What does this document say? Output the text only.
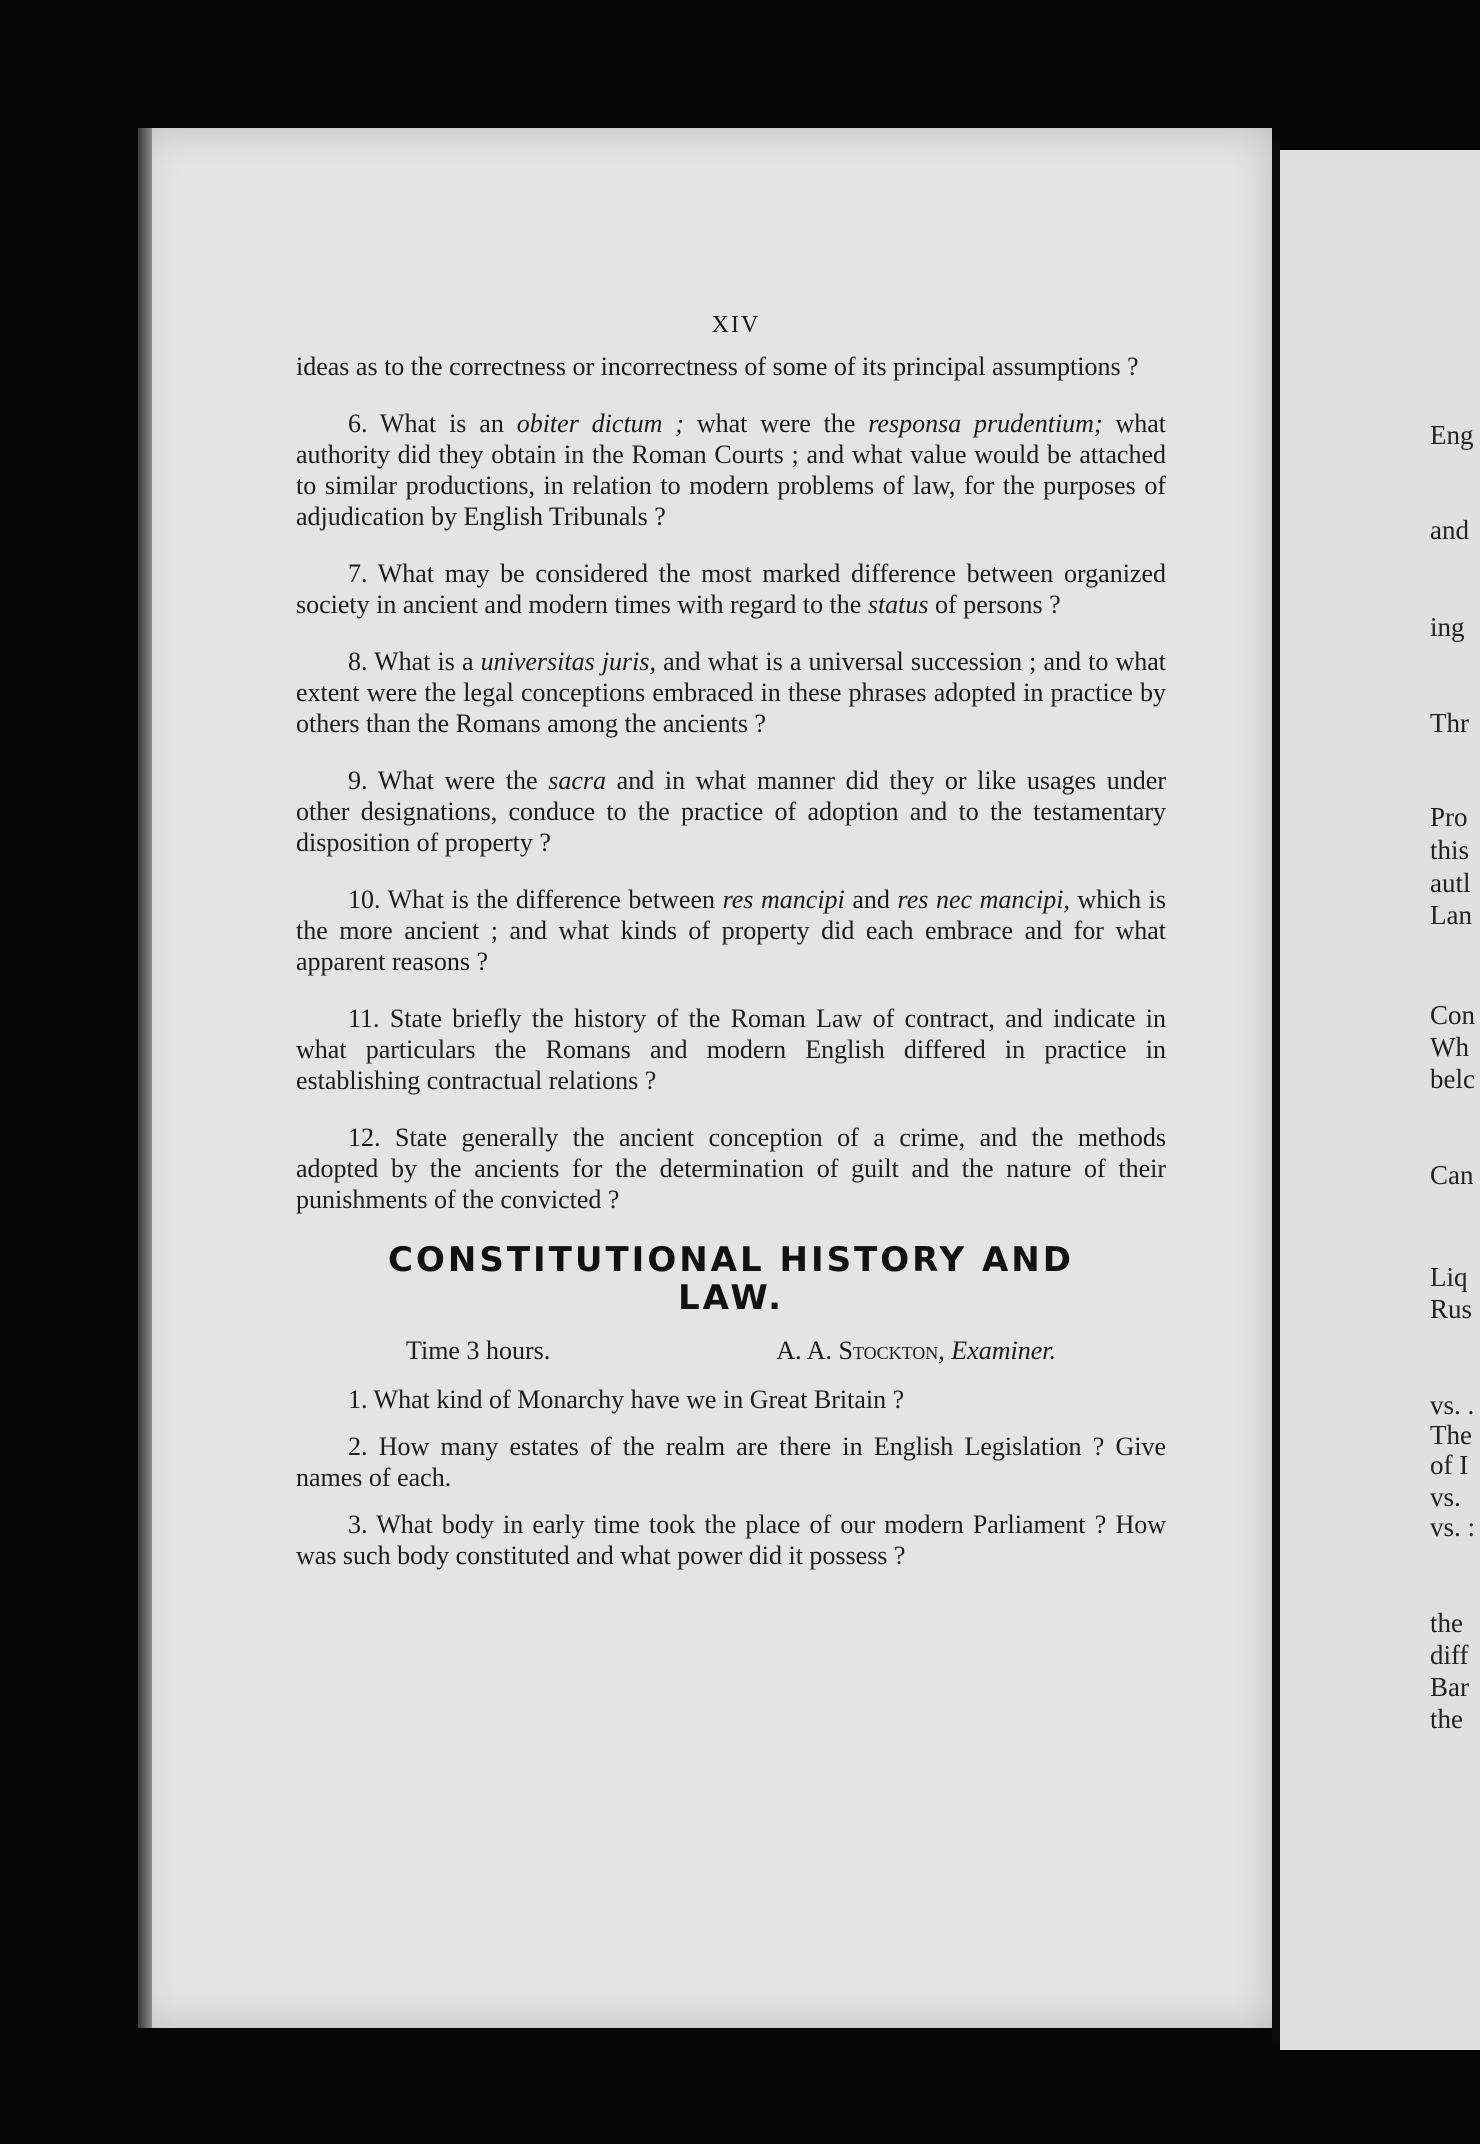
Eng
and
ing
Thr
Pro
this
autl
Lan
Con
Wh
belc
Can
Liq
Rus
vs. .
The
of I
vs.
vs. :
the
diff
Bar
the
XIV

ideas as to the correctness or incorrectness of some of its principal assumptions ?

6. What is an obiter dictum ; what were the responsa prudentium; what authority did they obtain in the Roman Courts ; and what value would be attached to similar productions, in relation to modern problems of law, for the purposes of adjudication by English Tribunals ?

7. What may be considered the most marked difference between organized society in ancient and modern times with regard to the status of persons ?

8. What is a universitas juris, and what is a universal succession ; and to what extent were the legal conceptions embraced in these phrases adopted in practice by others than the Romans among the ancients ?

9. What were the sacra and in what manner did they or like usages under other designations, conduce to the practice of adoption and to the testamentary disposition of property ?

10. What is the difference between res mancipi and res nec mancipi, which is the more ancient ; and what kinds of property did each embrace and for what apparent reasons ?

11. State briefly the history of the Roman Law of contract, and indicate in what particulars the Romans and modern English differed in practice in establishing contractual relations ?

12. State generally the ancient conception of a crime, and the methods adopted by the ancients for the determination of guilt and the nature of their punishments of the convicted ?

CONSTITUTIONAL HISTORY AND
LAW.
Time 3 hours.	A. A. Stockton, Examiner.

1. What kind of Monarchy have we in Great Britain ?

2. How many estates of the realm are there in English Legislation ? Give names of each.

3. What body in early time took the place of our modern Parliament ? How was such body constituted and what power did it possess ?
